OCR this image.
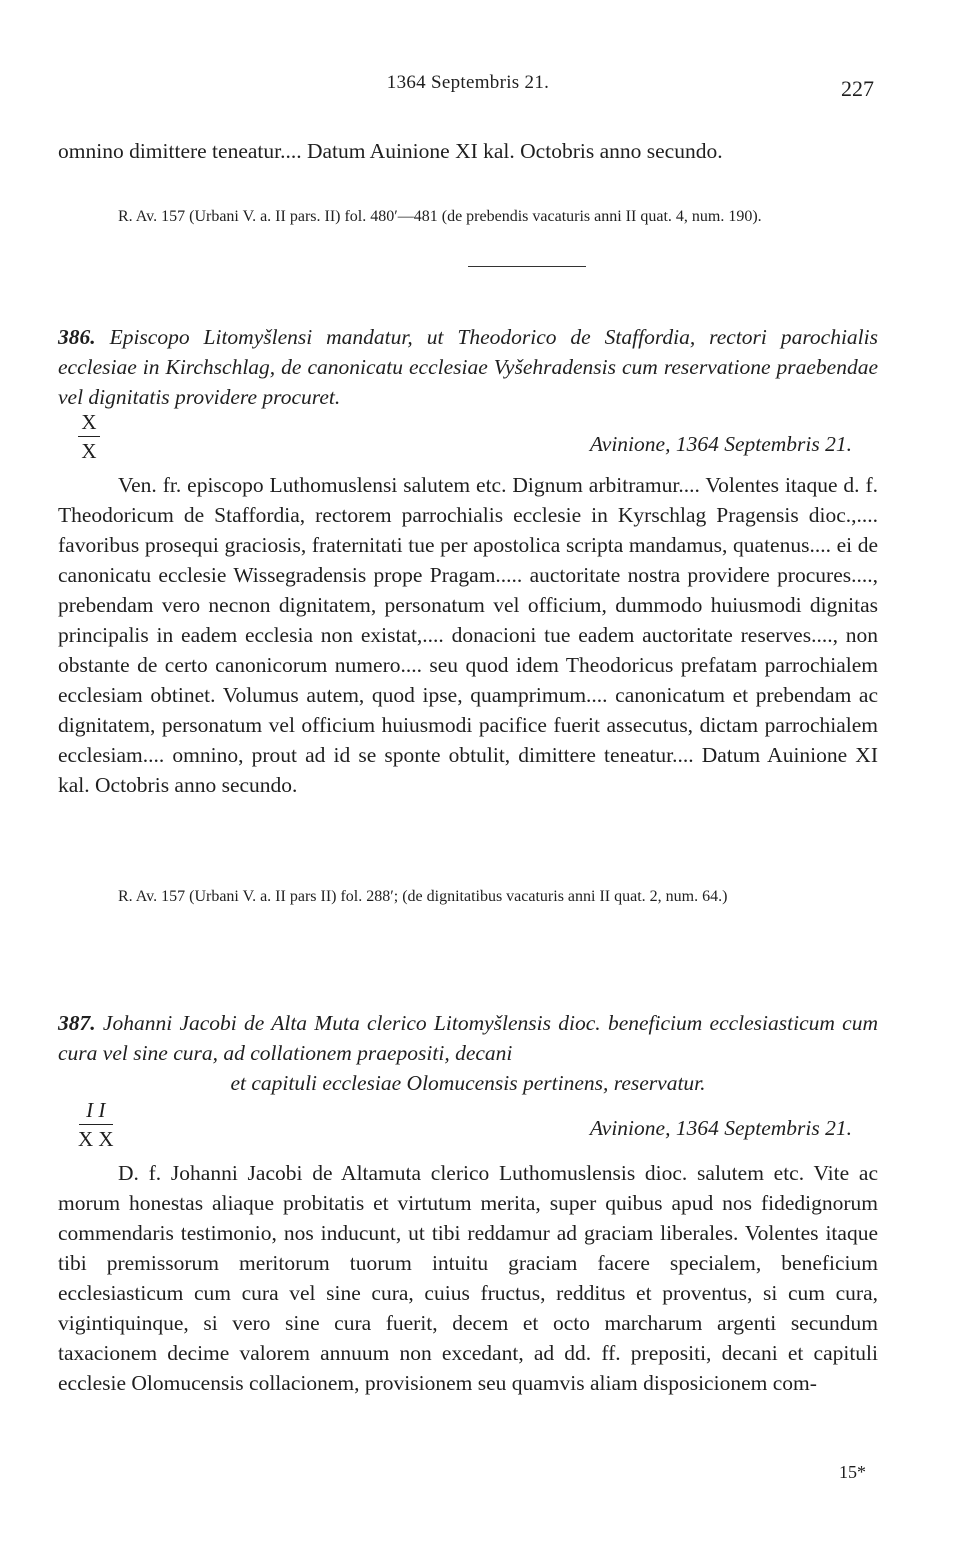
1364 Septembris 21.	227
omnino dimittere teneatur.... Datum Auinione XI kal. Octobris anno secundo.
R. Av. 157 (Urbani V. a. II pars. II) fol. 480′—481 (de prebendis vacaturis anni II quat. 4, num. 190).
386. Episcopo Litomyšlensi mandatur, ut Theodorico de Staffordia, rectori parochialis ecclesiae in Kirchschlag, de canonicatu ecclesiae Vyšehradensis cum reservatione praebendae vel dignitatis providere procuret.
X
X	Avinione, 1364 Septembris 21.
Ven. fr. episcopo Luthomuslensi salutem etc. Dignum arbitramur.... Volentes itaque d. f. Theodoricum de Staffordia, rectorem parrochialis ecclesie in Kyrschlag Pragensis dioc.,.... favoribus prosequi graciosis, fraternitati tue per apostolica scripta mandamus, quatenus.... ei de canonicatu ecclesie Wissegradensis prope Pragam..... auctoritate nostra providere procures...., prebendam vero necnon dignitatem, personatum vel officium, dummodo huiusmodi dignitas principalis in eadem ecclesia non existat,.... donacioni tue eadem auctoritate reserves...., non obstante de certo canonicorum numero.... seu quod idem Theodoricus prefatam parrochialem ecclesiam obtinet. Volumus autem, quod ipse, quamprimum.... canonicatum et prebendam ac dignitatem, personatum vel officium huiusmodi pacifice fuerit assecutus, dictam parrochialem ecclesiam.... omnino, prout ad id se sponte obtulit, dimittere teneatur.... Datum Auinione XI kal. Octobris anno secundo.
R. Av. 157 (Urbani V. a. II pars II) fol. 288′; (de dignitatibus vacaturis anni II quat. 2, num. 64.)
387. Johanni Jacobi de Alta Muta clerico Litomyšlensis dioc. beneficium ecclesiasticum cum cura vel sine cura, ad collationem praepositi, decani
et capituli ecclesiae Olomucensis pertinens, reservatur.
I I
X X	Avinione, 1364 Septembris 21.
D. f. Johanni Jacobi de Altamuta clerico Luthomuslensis dioc. salutem etc. Vite ac morum honestas aliaque probitatis et virtutum merita, super quibus apud nos fidedignorum commendaris testimonio, nos inducunt, ut tibi reddamur ad graciam liberales. Volentes itaque tibi premissorum meritorum tuorum intuitu graciam facere specialem, beneficium ecclesiasticum cum cura vel sine cura, cuius fructus, redditus et proventus, si cum cura, vigintiquinque, si vero sine cura fuerit, decem et octo marcharum argenti secundum taxacionem decime valorem annuum non excedant, ad dd. ff. prepositi, decani et capituli ecclesie Olomucensis collacionem, provisionem seu quamvis aliam disposicionem com-
15*
